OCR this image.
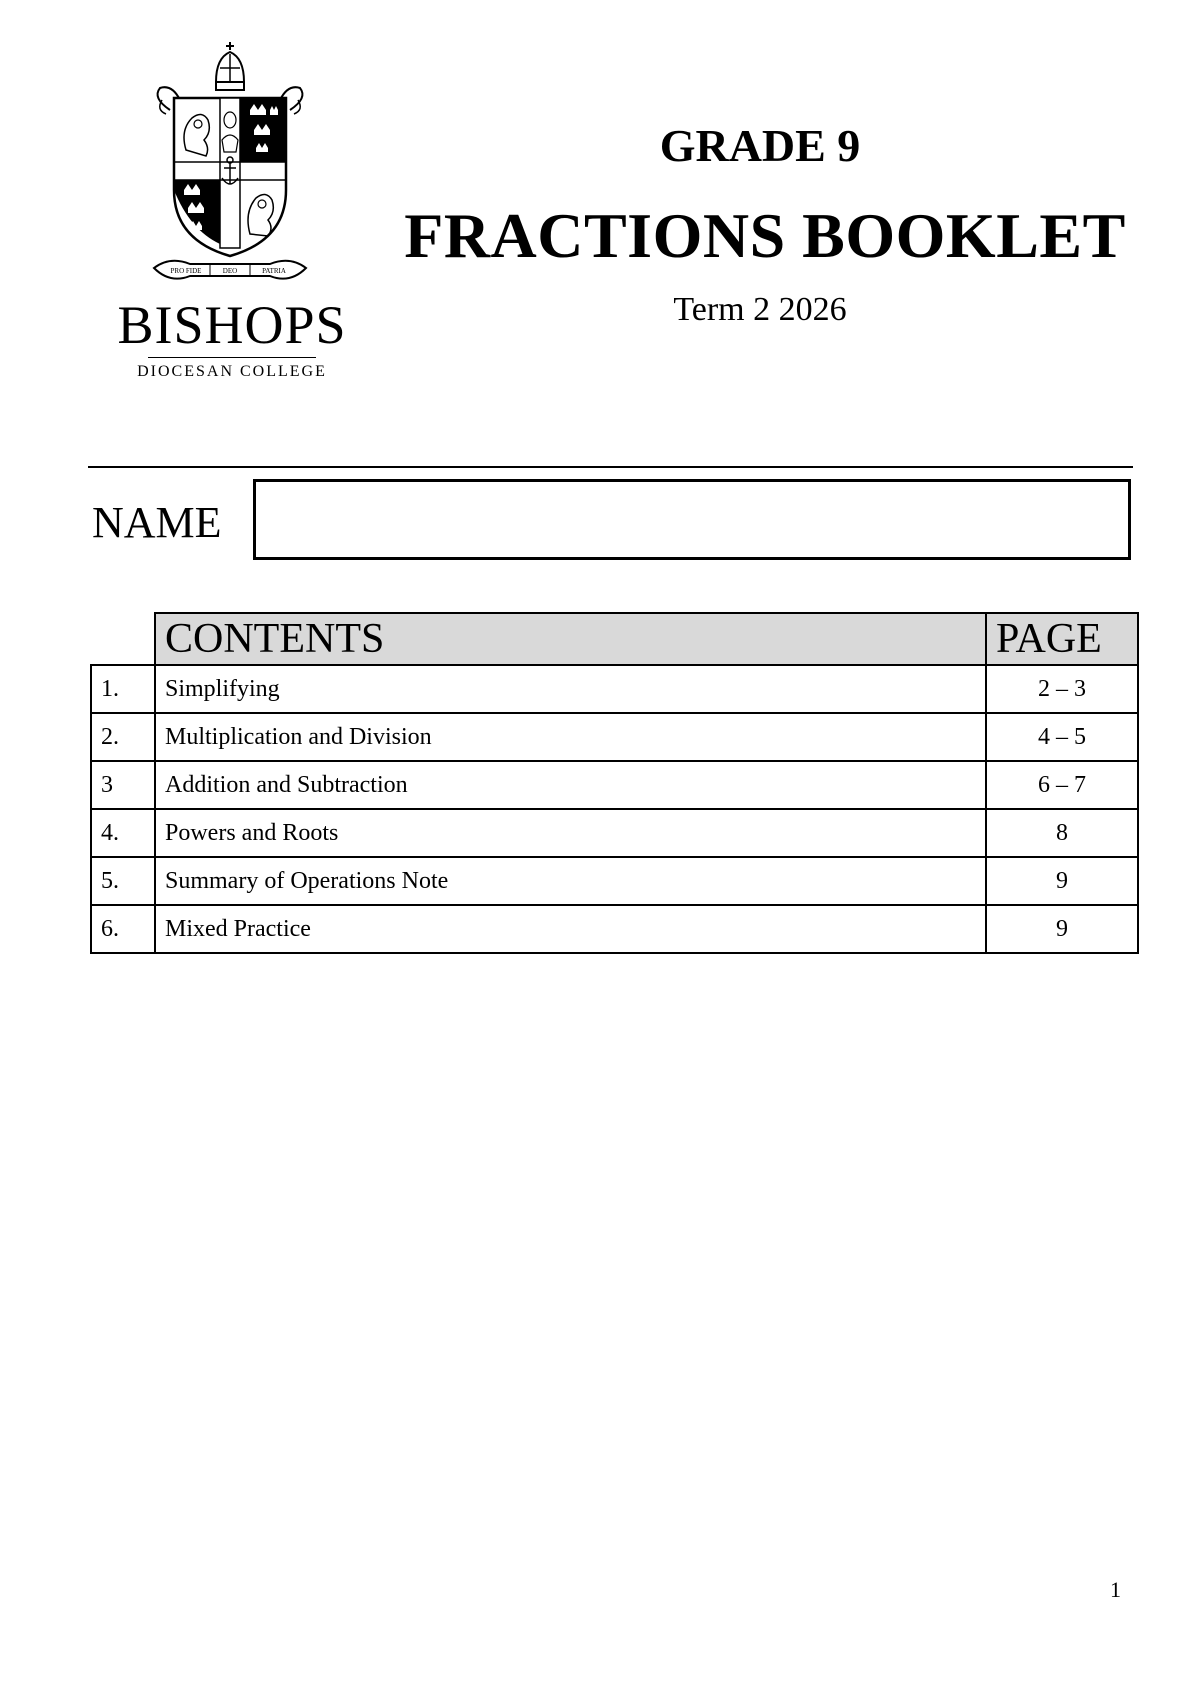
PRO FIDE	DEO	PATRIA
BISHOPS
DIOCESAN COLLEGE
GRADE 9
FRACTIONS BOOKLET
Term 2 2026
NAME
	CONTENTS	PAGE
1.	Simplifying	2 – 3
2.	Multiplication and Division	4 – 5
3	Addition and Subtraction	6 – 7
4.	Powers and Roots	8
5.	Summary of Operations Note	9
6.	Mixed Practice	9
1
